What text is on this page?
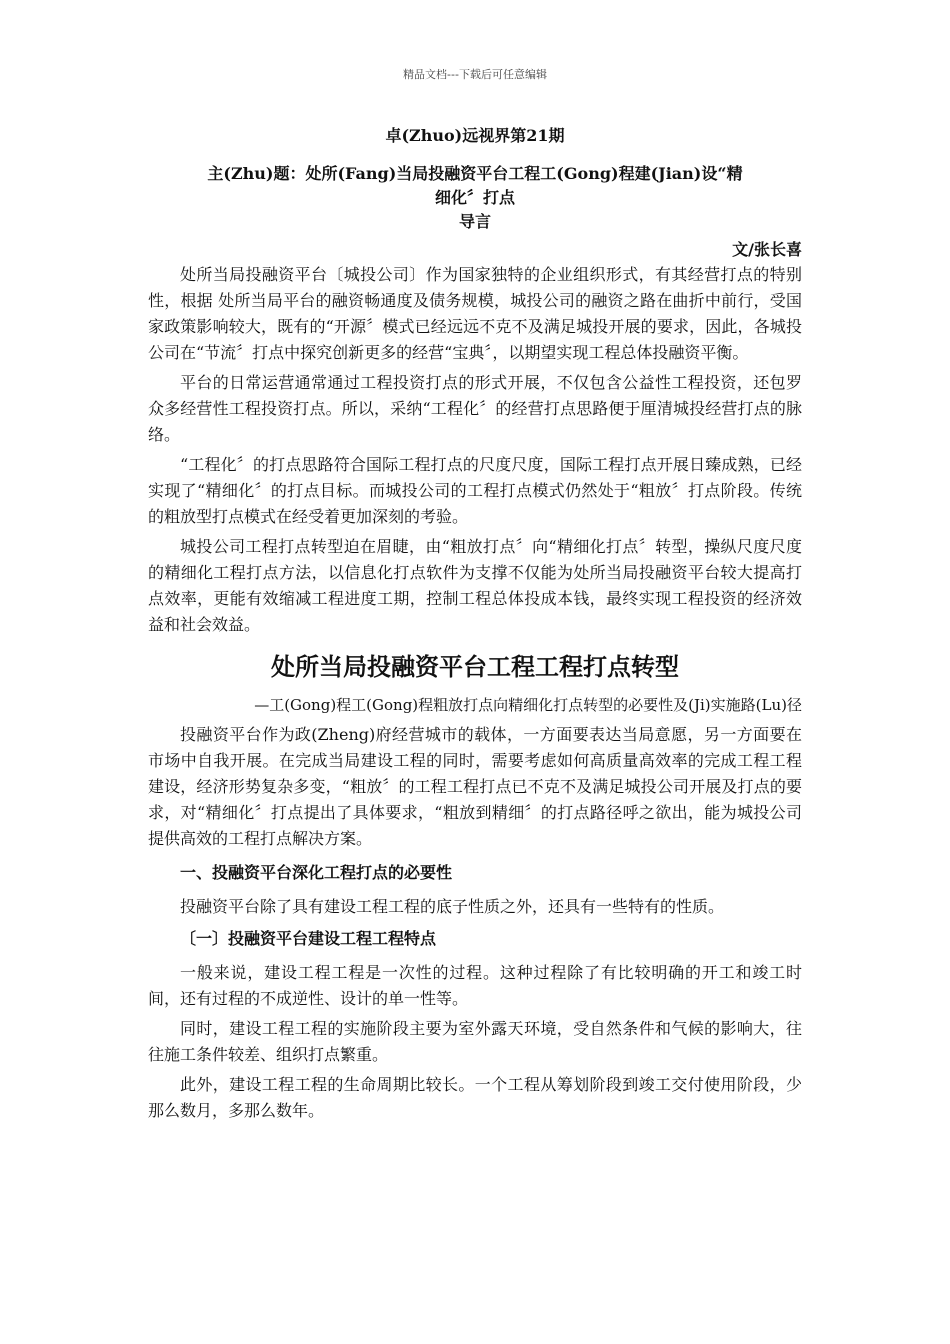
精品文档---下载后可任意编辑

卓(Zhuo)远视界第21期

主(Zhu)题：处所(Fang)当局投融资平台工程工(Gong)程建(Jian)设“精

细化〞打点

导言

文/张长喜

处所当局投融资平台〔城投公司〕作为国家独特的企业组织形式，有其经营打点的特别性，根据 处所当局平台的融资畅通度及债务规模，城投公司的融资之路在曲折中前行，受国家政策影响较大，既有的“开源〞模式已经远远不克不及满足城投开展的要求，因此，各城投公司在“节流〞打点中探究创新更多的经营“宝典〞，以期望实现工程总体投融资平衡。

平台的日常运营通常通过工程投资打点的形式开展，不仅包含公益性工程投资，还包罗 众多经营性工程投资打点。所以，采纳“工程化〞的经营打点思路便于厘清城投经营打点的脉络。

“工程化〞的打点思路符合国际工程打点的尺度尺度，国际工程打点开展日臻成熟，已经实现了“精细化〞的打点目标。而城投公司的工程打点模式仍然处于“粗放〞打点阶段。传统的粗放型打点模式在经受着更加深刻的考验。

城投公司工程打点转型迫在眉睫，由“粗放打点〞向“精细化打点〞转型，操纵尺度尺度的精细化工程打点方法，以信息化打点软件为支撑不仅能为处所当局投融资平台较大提高打点效率，更能有效缩减工程进度工期，控制工程总体投成本钱，最终实现工程投资的经济效益和社会效益。

处所当局投融资平台工程工程打点转型

—工(Gong)程工(Gong)程粗放打点向精细化打点转型的必要性及(Ji)实施路(Lu)径

投融资平台作为政(Zheng)府经营城市的载体，一方面要表达当局意愿，另一方面要在市场中自我开展。在完成当局建设工程的同时，需要考虑如何高质量高效率的完成工程工程建设，经济形势复杂多变，“粗放〞的工程工程打点已不克不及满足城投公司开展及打点的要求，对“精细化〞打点提出了具体要求，“粗放到精细〞的打点路径呼之欲出，能为城投公司提供高效的工程打点解决方案。

一、投融资平台深化工程打点的必要性

投融资平台除了具有建设工程工程的底子性质之外，还具有一些特有的性质。

〔一〕投融资平台建设工程工程特点

一般来说，建设工程工程是一次性的过程。这种过程除了有比较明确的开工和竣工时间，还有过程的不成逆性、设计的单一性等。

同时，建设工程工程的实施阶段主要为室外露天环境，受自然条件和气候的影响大，往往施工条件较差、组织打点繁重。

此外，建设工程工程的生命周期比较长。一个工程从筹划阶段到竣工交付使用阶段，少那么数月，多那么数年。
